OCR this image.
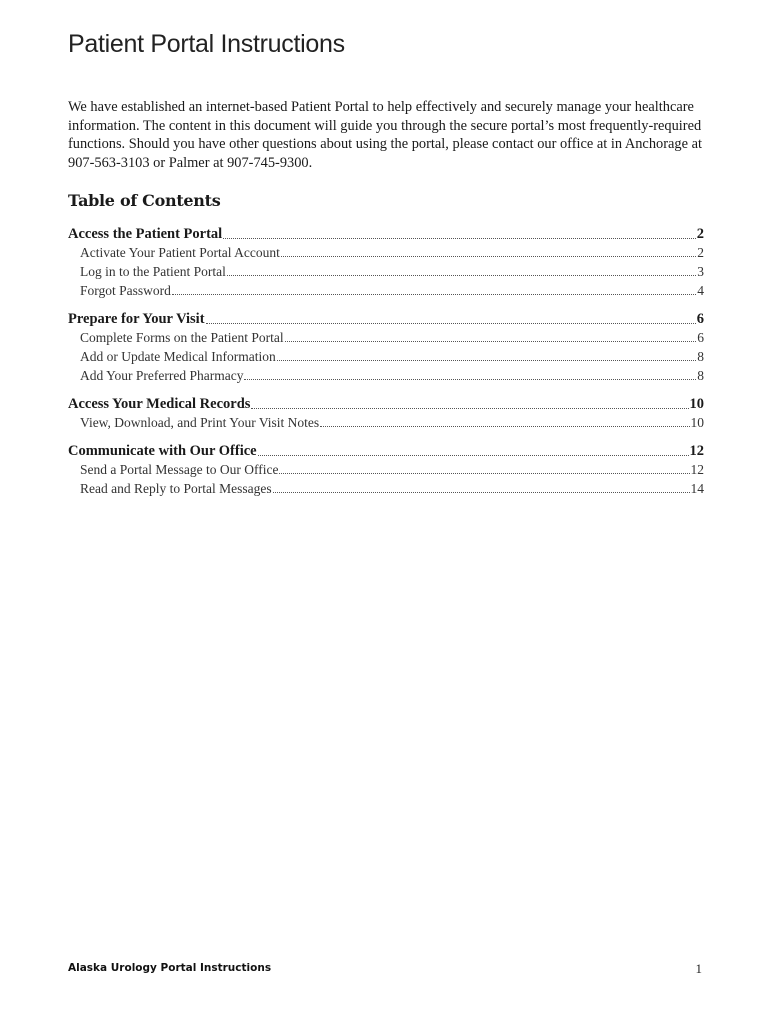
Patient Portal Instructions
We have established an internet-based Patient Portal to help effectively and securely manage your healthcare information. The content in this document will guide you through the secure portal’s most frequently-required functions. Should you have other questions about using the portal, please contact our office at in Anchorage at 907-563-3103 or Palmer at 907-745-9300.
Table of Contents
Access the Patient Portal	2
Activate Your Patient Portal Account	2
Log in to the Patient Portal	3
Forgot Password	4
Prepare for Your Visit	6
Complete Forms on the Patient Portal	6
Add or Update Medical Information	8
Add Your Preferred Pharmacy	8
Access Your Medical Records	10
View, Download, and Print Your Visit Notes	10
Communicate with Our Office	12
Send a Portal Message to Our Office	12
Read and Reply to Portal Messages	14
Alaska Urology Portal Instructions	1
